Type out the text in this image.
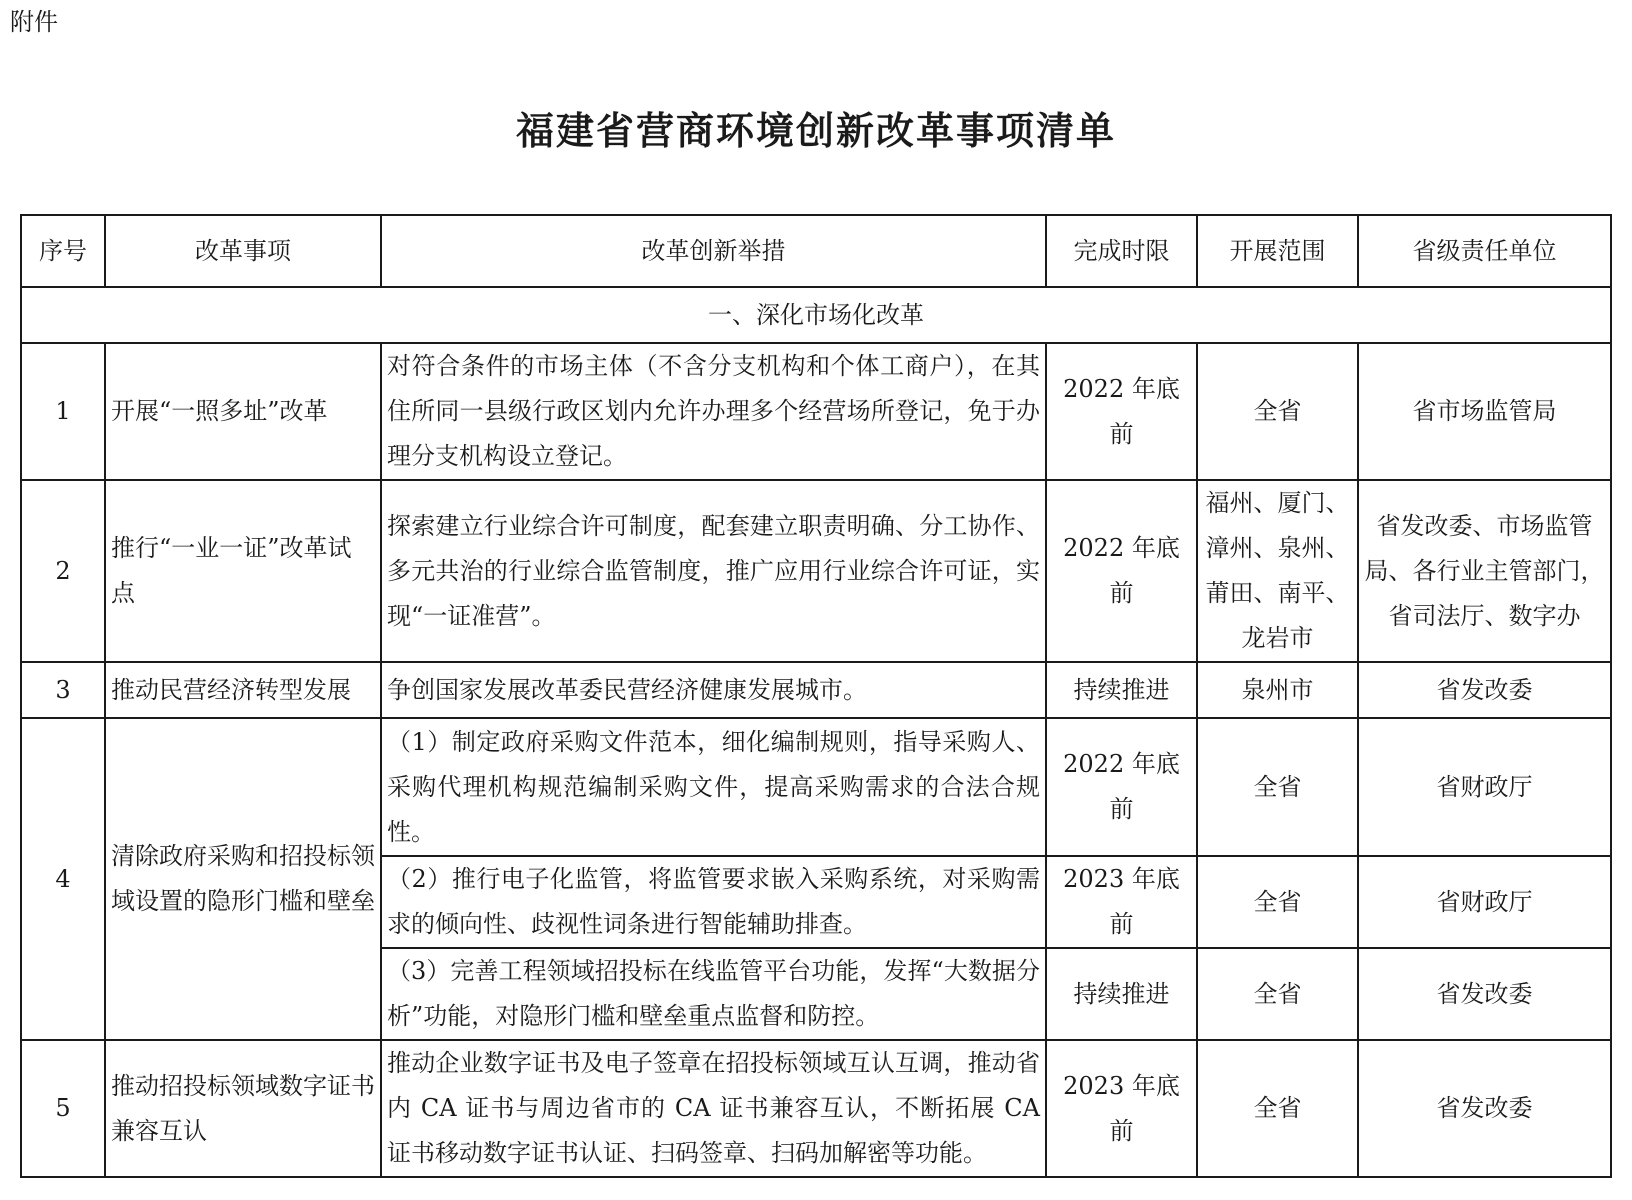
附件
福建省营商环境创新改革事项清单
序号	改革事项	改革创新举措	完成时限	开展范围	省级责任单位
一、深化市场化改革					
1	开展“一照多址”改革	对符合条件的市场主体（不含分支机构和个体工商户），在其住所同一县级行政区划内允许办理多个经营场所登记，免于办理分支机构设立登记。	2022 年底前	全省	省市场监管局
2	推行“一业一证”改革试点	探索建立行业综合许可制度，配套建立职责明确、分工协作、多元共治的行业综合监管制度，推广应用行业综合许可证，实现“一证准营”。	2022 年底前	福州、厦门、漳州、泉州、莆田、南平、龙岩市	省发改委、市场监管局、各行业主管部门，省司法厅、数字办
3	推动民营经济转型发展	争创国家发展改革委民营经济健康发展城市。	持续推进	泉州市	省发改委
4	清除政府采购和招投标领域设置的隐形门槛和壁垒	（1）制定政府采购文件范本，细化编制规则，指导采购人、采购代理机构规范编制采购文件，提高采购需求的合法合规性。	2022 年底前	全省	省财政厅
		（2）推行电子化监管，将监管要求嵌入采购系统，对采购需求的倾向性、歧视性词条进行智能辅助排查。	2023 年底前	全省	省财政厅
		（3）完善工程领域招投标在线监管平台功能，发挥“大数据分析”功能，对隐形门槛和壁垒重点监督和防控。	持续推进	全省	省发改委
5	推动招投标领域数字证书兼容互认	推动企业数字证书及电子签章在招投标领域互认互调，推动省内 CA 证书与周边省市的 CA 证书兼容互认，不断拓展 CA 证书移动数字证书认证、扫码签章、扫码加解密等功能。	2023 年底前	全省	省发改委
